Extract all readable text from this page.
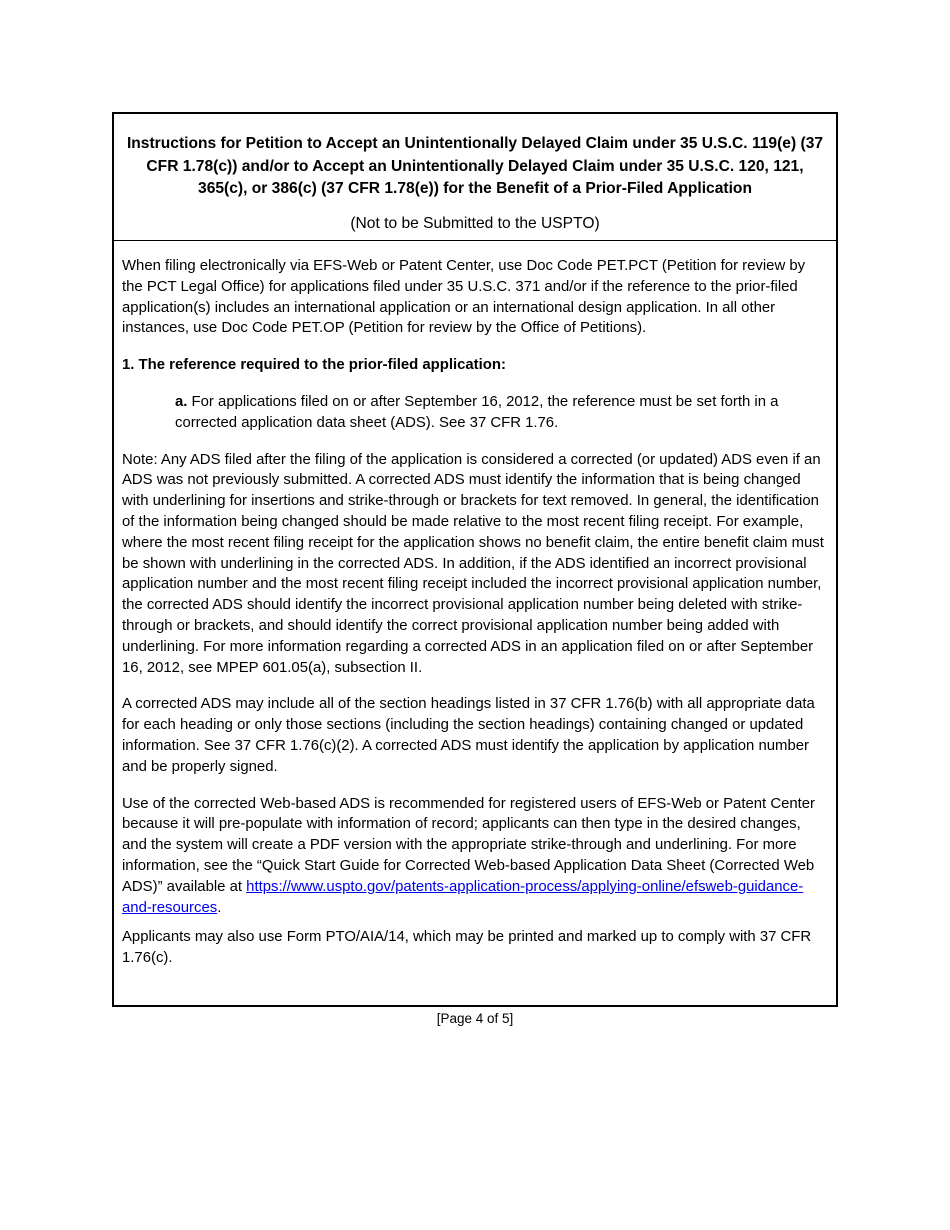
Instructions for Petition to Accept an Unintentionally Delayed Claim under 35 U.S.C. 119(e) (37 CFR 1.78(c)) and/or to Accept an Unintentionally Delayed Claim under 35 U.S.C. 120, 121, 365(c), or 386(c) (37 CFR 1.78(e)) for the Benefit of a Prior-Filed Application
(Not to be Submitted to the USPTO)

When filing electronically via EFS-Web or Patent Center, use Doc Code PET.PCT (Petition for review by the PCT Legal Office) for applications filed under 35 U.S.C. 371 and/or if the reference to the prior-filed application(s) includes an international application or an international design application. In all other instances, use Doc Code PET.OP (Petition for review by the Office of Petitions).

1. The reference required to the prior-filed application:

a. For applications filed on or after September 16, 2012, the reference must be set forth in a corrected application data sheet (ADS). See 37 CFR 1.76.

Note: Any ADS filed after the filing of the application is considered a corrected (or updated) ADS even if an ADS was not previously submitted. A corrected ADS must identify the information that is being changed with underlining for insertions and strike-through or brackets for text removed. In general, the identification of the information being changed should be made relative to the most recent filing receipt. For example, where the most recent filing receipt for the application shows no benefit claim, the entire benefit claim must be shown with underlining in the corrected ADS. In addition, if the ADS identified an incorrect provisional application number and the most recent filing receipt included the incorrect provisional application number, the corrected ADS should identify the incorrect provisional application number being deleted with strike-through or brackets, and should identify the correct provisional application number being added with underlining. For more information regarding a corrected ADS in an application filed on or after September 16, 2012, see MPEP 601.05(a), subsection II.

A corrected ADS may include all of the section headings listed in 37 CFR 1.76(b) with all appropriate data for each heading or only those sections (including the section headings) containing changed or updated information. See 37 CFR 1.76(c)(2). A corrected ADS must identify the application by application number and be properly signed.

Use of the corrected Web-based ADS is recommended for registered users of EFS-Web or Patent Center because it will pre-populate with information of record; applicants can then type in the desired changes, and the system will create a PDF version with the appropriate strike-through and underlining. For more information, see the “Quick Start Guide for Corrected Web-based Application Data Sheet (Corrected Web ADS)” available at https://www.uspto.gov/patents-application-process/applying-online/efsweb-guidance-and-resources.

Applicants may also use Form PTO/AIA/14, which may be printed and marked up to comply with 37 CFR 1.76(c).

[Page 4 of 5]
